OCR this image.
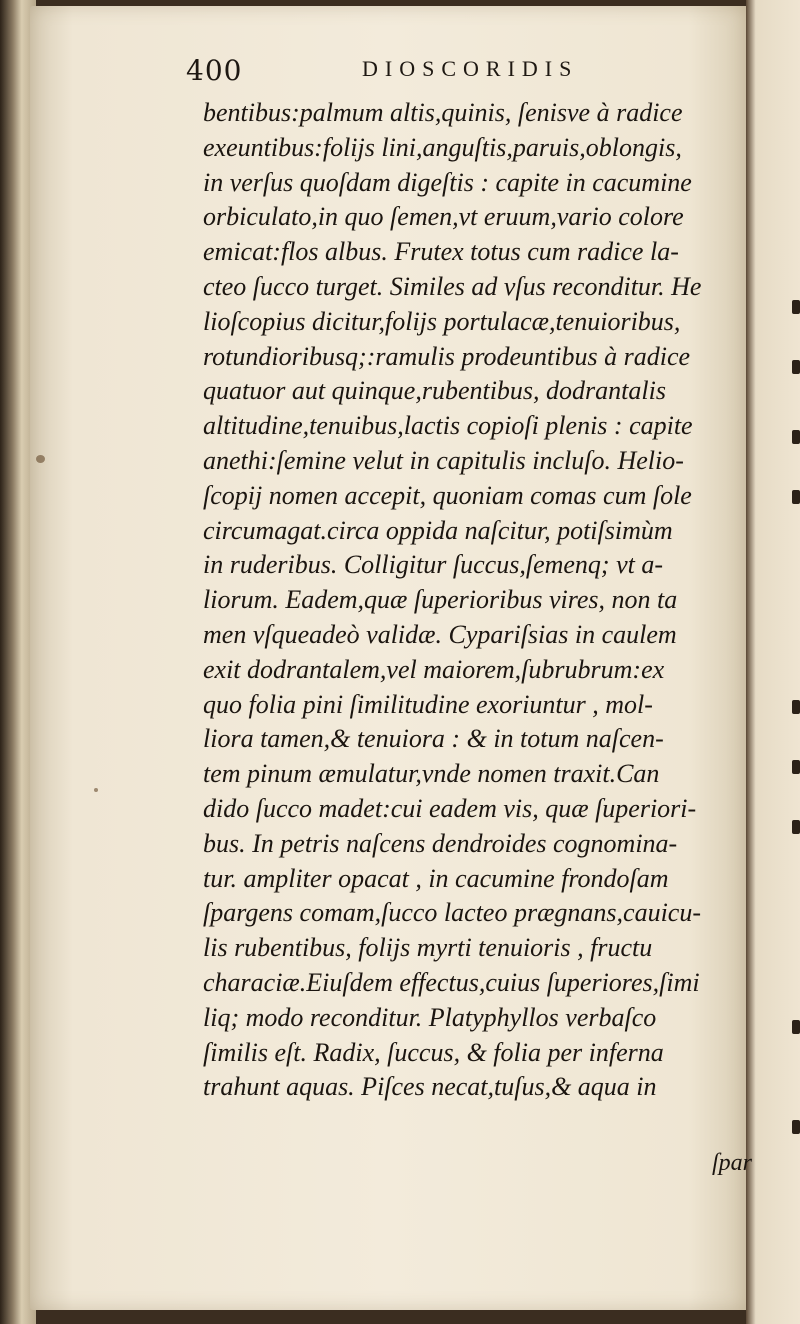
400	DIOSCORIDIS
bentibus:palmum altis,quinis, ſenisve à radice
exeuntibus:folijs lini,anguſtis,paruis,oblongis,
in verſus quoſdam digeſtis : capite in cacumine
orbiculato,in quo ſemen,vt eruum,vario colore
emicat:flos albus. Frutex totus cum radice la-
cteo ſucco turget. Similes ad vſus reconditur. He
lioſcopius dicitur,folijs portulacæ,tenuioribus,
rotundioribusq;:ramulis prodeuntibus à radice
quatuor aut quinque,rubentibus, dodrantalis
altitudine,tenuibus,lactis copioſi plenis : capite
anethi:ſemine velut in capitulis incluſo. Helio-
ſcopij nomen accepit, quoniam comas cum ſole
circumagat.circa oppida naſcitur, potiſsimùm
in ruderibus. Colligitur ſuccus,ſemenq; vt a-
liorum. Eadem,quæ ſuperioribus vires, non ta
men vſqueadeò validæ. Cypariſsias in caulem
exit dodrantalem,vel maiorem,ſubrubrum:ex
quo folia pini ſimilitudine exoriuntur , mol-
liora tamen,& tenuiora : & in totum naſcen-
tem pinum æmulatur,vnde nomen traxit.Can
dido ſucco madet:cui eadem vis, quæ ſuperiori-
bus. In petris naſcens dendroides cognomina-
tur. ampliter opacat , in cacumine frondoſam
ſpargens comam,ſucco lacteo prægnans,cauicu-
lis rubentibus, folijs myrti tenuioris , fructu
characiæ.Eiuſdem effectus,cuius ſuperiores,ſimi
liq; modo reconditur. Platyphyllos verbaſco
ſimilis eſt. Radix, ſuccus, & folia per inferna
trahunt aquas. Piſces necat,tuſus,& aqua in
ſpar
